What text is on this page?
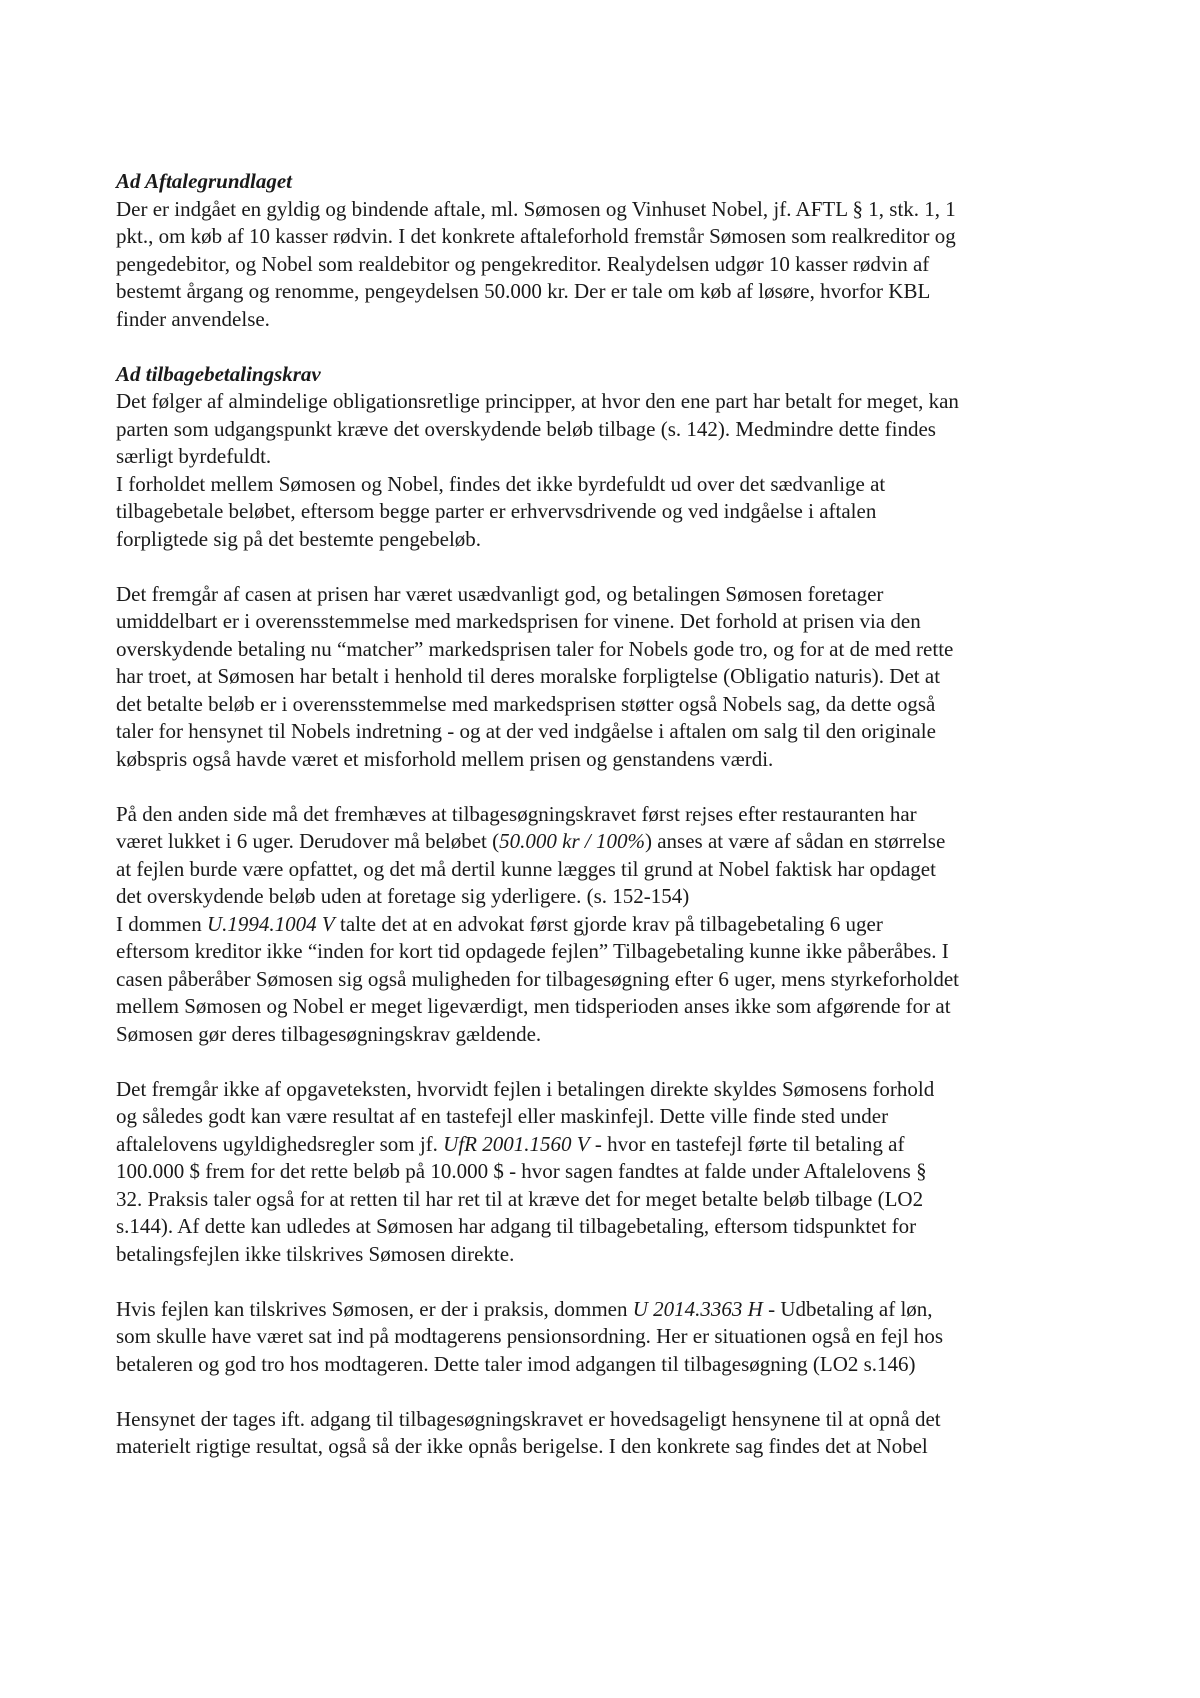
Ad Aftalegrundlaget
Der er indgået en gyldig og bindende aftale, ml. Sømosen og Vinhuset Nobel, jf. AFTL § 1, stk. 1, 1
pkt., om køb af 10 kasser rødvin. I det konkrete aftaleforhold fremstår Sømosen som realkreditor og
pengedebitor, og Nobel som realdebitor og pengekreditor. Realydelsen udgør 10 kasser rødvin af
bestemt årgang og renomme, pengeydelsen 50.000 kr. Der er tale om køb af løsøre, hvorfor KBL
finder anvendelse.
Ad tilbagebetalingskrav
Det følger af almindelige obligationsretlige principper, at hvor den ene part har betalt for meget, kan
parten som udgangspunkt kræve det overskydende beløb tilbage (s. 142). Medmindre dette findes
særligt byrdefuldt.
I forholdet mellem Sømosen og Nobel, findes det ikke byrdefuldt ud over det sædvanlige at
tilbagebetale beløbet, eftersom begge parter er erhvervsdrivende og ved indgåelse i aftalen
forpligtede sig på det bestemte pengebeløb.
Det fremgår af casen at prisen har været usædvanligt god, og betalingen Sømosen foretager
umiddelbart er i overensstemmelse med markedsprisen for vinene. Det forhold at prisen via den
overskydende betaling nu “matcher” markedsprisen taler for Nobels gode tro, og for at de med rette
har troet, at Sømosen har betalt i henhold til deres moralske forpligtelse (Obligatio naturis). Det at
det betalte beløb er i overensstemmelse med markedsprisen støtter også Nobels sag, da dette også
taler for hensynet til Nobels indretning - og at der ved indgåelse i aftalen om salg til den originale
købspris også havde været et misforhold mellem prisen og genstandens værdi.
På den anden side må det fremhæves at tilbagesøgningskravet først rejses efter restauranten har
været lukket i 6 uger. Derudover må beløbet (50.000 kr / 100%) anses at være af sådan en størrelse
at fejlen burde være opfattet, og det må dertil kunne lægges til grund at Nobel faktisk har opdaget
det overskydende beløb uden at foretage sig yderligere. (s. 152-154)
I dommen U.1994.1004 V talte det at en advokat først gjorde krav på tilbagebetaling 6 uger
eftersom kreditor ikke “inden for kort tid opdagede fejlen” Tilbagebetaling kunne ikke påberåbes. I
casen påberåber Sømosen sig også muligheden for tilbagesøgning efter 6 uger, mens styrkeforholdet
mellem Sømosen og Nobel er meget ligeværdigt, men tidsperioden anses ikke som afgørende for at
Sømosen gør deres tilbagesøgningskrav gældende.
Det fremgår ikke af opgaveteksten, hvorvidt fejlen i betalingen direkte skyldes Sømosens forhold
og således godt kan være resultat af en tastefejl eller maskinfejl. Dette ville finde sted under
aftalelovens ugyldighedsregler som jf. UfR 2001.1560 V - hvor en tastefejl førte til betaling af
100.000 $ frem for det rette beløb på 10.000 $ - hvor sagen fandtes at falde under Aftalelovens §
32. Praksis taler også for at retten til har ret til at kræve det for meget betalte beløb tilbage (LO2
s.144). Af dette kan udledes at Sømosen har adgang til tilbagebetaling, eftersom tidspunktet for
betalingsfejlen ikke tilskrives Sømosen direkte.
Hvis fejlen kan tilskrives Sømosen, er der i praksis, dommen U 2014.3363 H - Udbetaling af løn,
som skulle have været sat ind på modtagerens pensionsordning. Her er situationen også en fejl hos
betaleren og god tro hos modtageren. Dette taler imod adgangen til tilbagesøgning (LO2 s.146)
Hensynet der tages ift. adgang til tilbagesøgningskravet er hovedsageligt hensynene til at opnå det
materielt rigtige resultat, også så der ikke opnås berigelse. I den konkrete sag findes det at Nobel
